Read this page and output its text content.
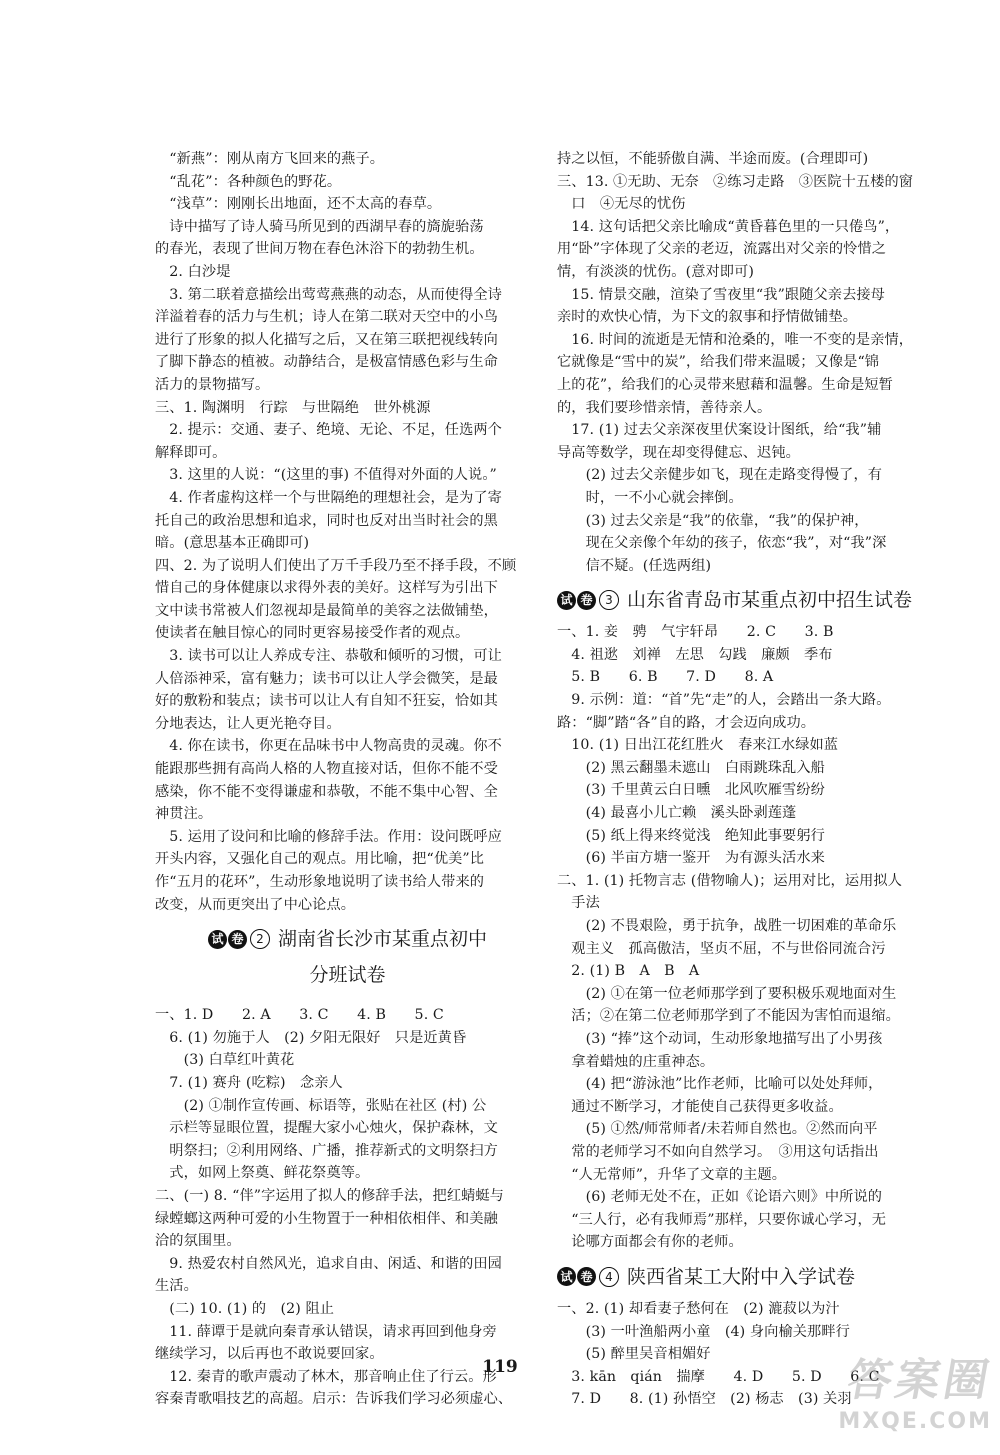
　“新燕”：刚从南方飞回来的燕子。
　“乱花”：各种颜色的野花。
　“浅草”：刚刚长出地面，还不太高的春草。
　诗中描写了诗人骑马所见到的西湖早春的旖旎骀荡
的春光，表现了世间万物在春色沐浴下的勃勃生机。
　2. 白沙堤
　3. 第二联着意描绘出莺莺燕燕的动态，从而使得全诗
洋溢着春的活力与生机；诗人在第二联对天空中的小鸟
进行了形象的拟人化描写之后，又在第三联把视线转向
了脚下静态的植被。动静结合，是极富情感色彩与生命
活力的景物描写。
三、1. 陶渊明　行踪　与世隔绝　世外桃源
　2. 提示：交通、妻子、绝境、无论、不足，任选两个
解释即可。
　3. 这里的人说：“(这里的事) 不值得对外面的人说。”
　4. 作者虚构这样一个与世隔绝的理想社会，是为了寄
托自己的政治思想和追求，同时也反对出当时社会的黑
暗。(意思基本正确即可)
四、2. 为了说明人们使出了万千手段乃至不择手段，不顾
惜自己的身体健康以求得外表的美好。这样写为引出下
文中读书常被人们忽视却是最简单的美容之法做铺垫，
使读者在触目惊心的同时更容易接受作者的观点。
　3. 读书可以让人养成专注、恭敬和倾听的习惯，可让
人倍添神采，富有魅力；读书可以让人学会微笑，是最
好的敷粉和装点；读书可以让人有自知不狂妄，恰如其
分地表达，让人更光艳夺目。
　4. 你在读书，你更在品味书中人物高贵的灵魂。你不
能跟那些拥有高尚人格的人物直接对话，但你不能不受
感染，你不能不变得谦虚和恭敬，不能不集中心智、全
神贯注。
　5. 运用了设问和比喻的修辞手法。作用：设问既呼应
开头内容，又强化自己的观点。用比喻，把“优美”比
作“五月的花环”，生动形象地说明了读书给人带来的
改变，从而更突出了中心论点。
试 卷	2 湖南省长沙市某重点初中
分班试卷
一、1. D　　2. A　　3. C　　4. B　　5. C
　6. (1) 勿施于人　(2) 夕阳无限好　只是近黄昏
　　(3) 白草红叶黄花
　7. (1) 赛舟 (吃粽)　念亲人
　　(2) ①制作宣传画、标语等，张贴在社区 (村) 公
　示栏等显眼位置，提醒大家小心烛火，保护森林，文
　明祭扫；②利用网络、广播，推荐新式的文明祭扫方
　式，如网上祭奠、鲜花祭奠等。
二、(一) 8. “伴”字运用了拟人的修辞手法，把红蜻蜓与
绿螳螂这两种可爱的小生物置于一种相依相伴、和美融
洽的氛围里。
　9. 热爱农村自然风光，追求自由、闲适、和谐的田园
生活。
　(二) 10. (1) 的　(2) 阻止
　11. 薛谭于是就向秦青承认错误，请求再回到他身旁
继续学习，以后再也不敢说要回家。
　12. 秦青的歌声震动了林木，那音响止住了行云。形
容秦青歌唱技艺的高超。启示：告诉我们学习必须虚心、
持之以恒，不能骄傲自满、半途而废。(合理即可)
三、13. ①无助、无奈　②练习走路　③医院十五楼的窗
　口　④无尽的忧伤
　14. 这句话把父亲比喻成“黄昏暮色里的一只倦鸟”，
用“卧”字体现了父亲的老迈，流露出对父亲的怜惜之
情，有淡淡的忧伤。(意对即可)
　15. 情景交融，渲染了雪夜里“我”跟随父亲去接母
亲时的欢快心情，为下文的叙事和抒情做铺垫。
　16. 时间的流逝是无情和沧桑的，唯一不变的是亲情，
它就像是“雪中的炭”，给我们带来温暖；又像是“锦
上的花”，给我们的心灵带来慰藉和温馨。生命是短暂
的，我们要珍惜亲情，善待亲人。
　17. (1) 过去父亲深夜里伏案设计图纸，给“我”辅
导高等数学，现在却变得健忘、迟钝。
　　(2) 过去父亲健步如飞，现在走路变得慢了，有
　　时，一不小心就会摔倒。
　　(3) 过去父亲是“我”的依靠，“我”的保护神，
　　现在父亲像个年幼的孩子，依恋“我”，对“我”深
　　信不疑。(任选两组)
试 卷	3 山东省青岛市某重点初中招生试卷
一、1. 妾　骋　气宇轩昂　　2. C　　3. B
　4. 祖逖　刘禅　左思　勾践　廉颇　季布
　5. B　　6. B　　7. D　　8. A
　9. 示例：道：“首”先“走”的人，会踏出一条大路。
路：“脚”踏“各”自的路，才会迈向成功。
　10. (1) 日出江花红胜火　春来江水绿如蓝
　　(2) 黑云翻墨未遮山　白雨跳珠乱入船
　　(3) 千里黄云白日曛　北风吹雁雪纷纷
　　(4) 最喜小儿亡赖　溪头卧剥莲蓬
　　(5) 纸上得来终觉浅　绝知此事要躬行
　　(6) 半亩方塘一鉴开　为有源头活水来
二、1. (1) 托物言志 (借物喻人)；运用对比，运用拟人
　手法
　　(2) 不畏艰险，勇于抗争，战胜一切困难的革命乐
　观主义　孤高傲洁，坚贞不屈，不与世俗同流合污
　2. (1) B　A　B　A
　　(2) ①在第一位老师那学到了要积极乐观地面对生
　活；②在第二位老师那学到了不能因为害怕而退缩。
　　(3) “捧”这个动词，生动形象地描写出了小男孩
　拿着蜡烛的庄重神态。
　　(4) 把“游泳池”比作老师，比喻可以处处拜师，
　通过不断学习，才能使自己获得更多收益。
　　(5) ①然/师常师者/未若师自然也。②然而向平
　常的老师学习不如向自然学习。　③用这句话指出
　“人无常师”，升华了文章的主题。
　　(6) 老师无处不在，正如《论语六则》中所说的
　“三人行，必有我师焉”那样，只要你诚心学习，无
　论哪方面都会有你的老师。
试 卷	4 陕西省某工大附中入学试卷
一、2. (1) 却看妻子愁何在　(2) 漉菽以为汁
　　(3) 一叶渔船两小童　(4) 身向榆关那畔行
　　(5) 醉里吴音相媚好
　3. kān　qián　揣摩　　4. D　　5. D　　6. C
　7. D　　8. (1) 孙悟空　(2) 杨志　(3) 关羽
119	答案圈
MXQE.COM
